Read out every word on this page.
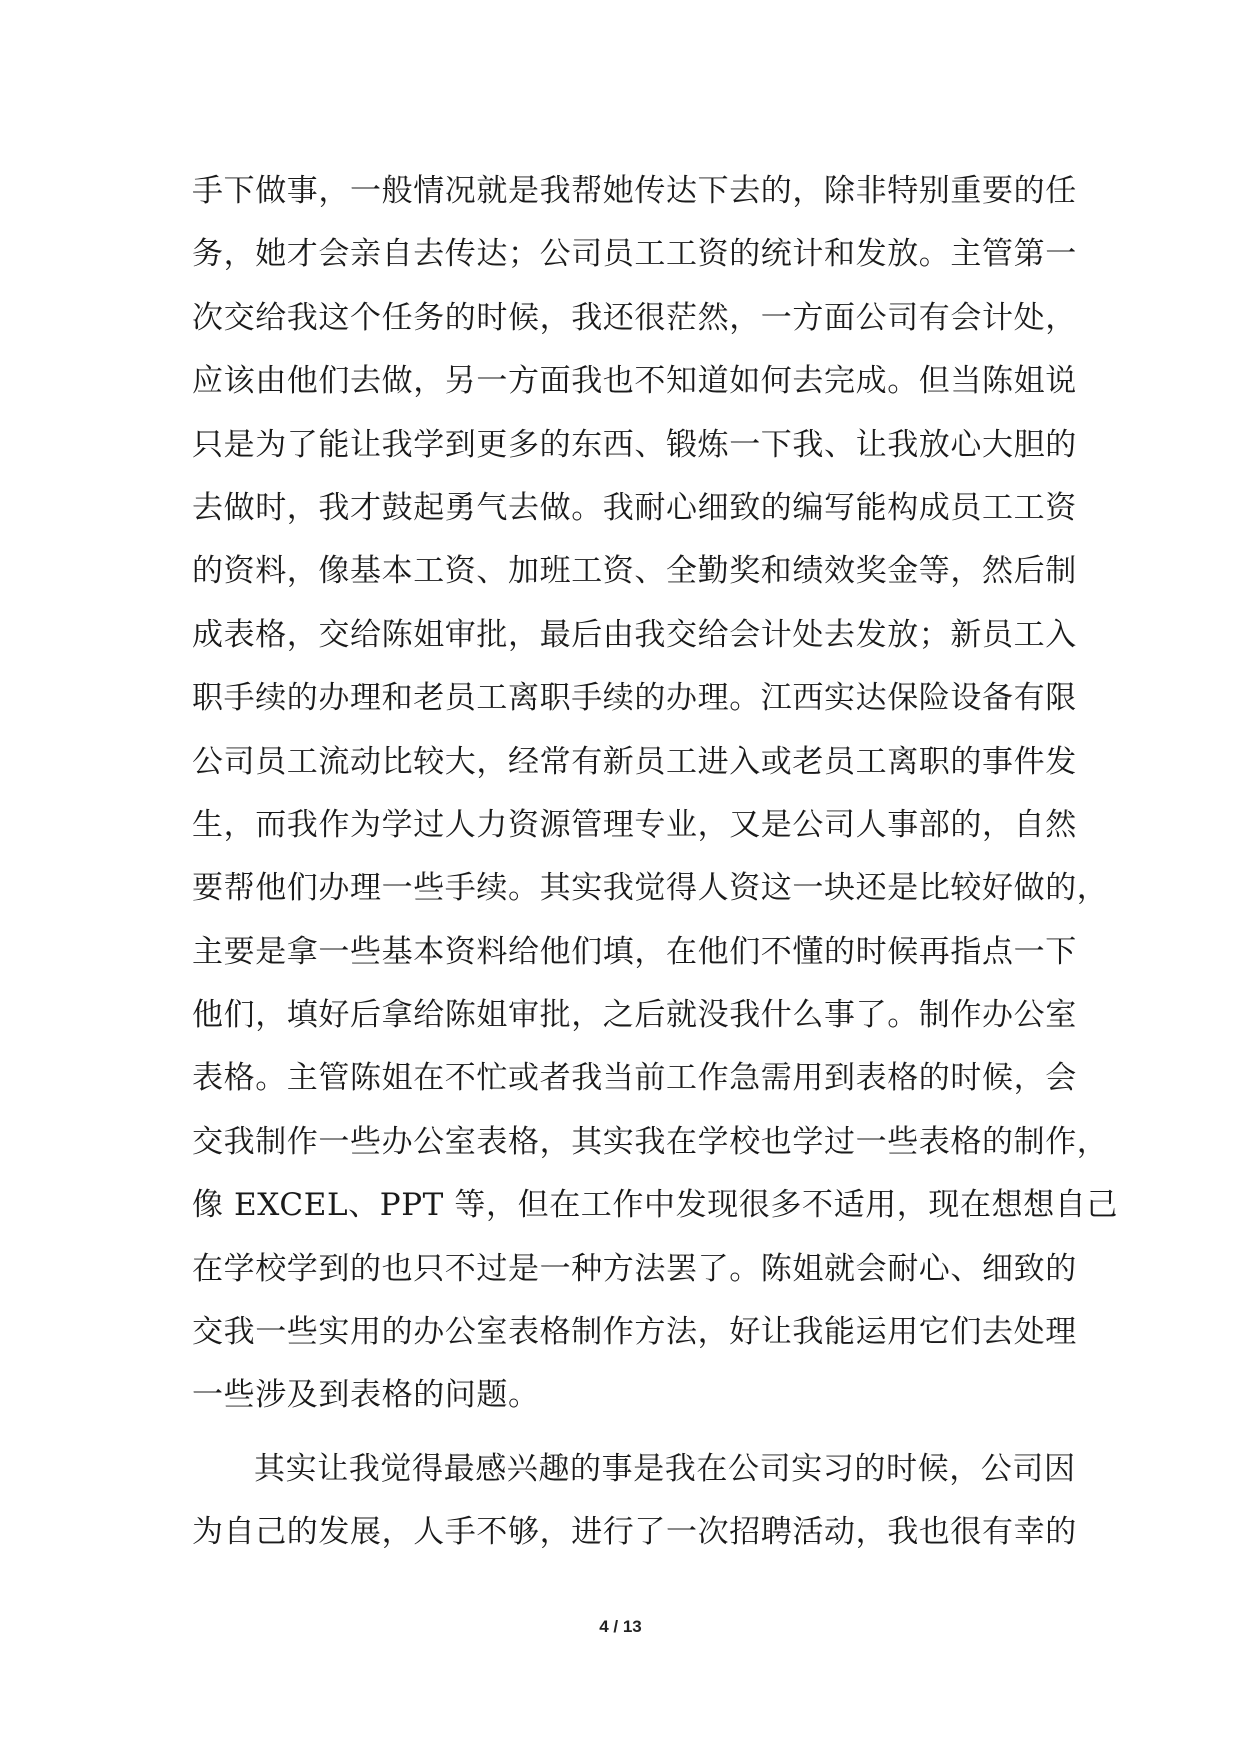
手下做事，一般情况就是我帮她传达下去的，除非特别重要的任
务，她才会亲自去传达；公司员工工资的统计和发放。主管第一
次交给我这个任务的时候，我还很茫然，一方面公司有会计处，
应该由他们去做，另一方面我也不知道如何去完成。但当陈姐说
只是为了能让我学到更多的东西、锻炼一下我、让我放心大胆的
去做时，我才鼓起勇气去做。我耐心细致的编写能构成员工工资
的资料，像基本工资、加班工资、全勤奖和绩效奖金等，然后制
成表格，交给陈姐审批，最后由我交给会计处去发放；新员工入
职手续的办理和老员工离职手续的办理。江西实达保险设备有限
公司员工流动比较大，经常有新员工进入或老员工离职的事件发
生，而我作为学过人力资源管理专业，又是公司人事部的，自然
要帮他们办理一些手续。其实我觉得人资这一块还是比较好做的，
主要是拿一些基本资料给他们填，在他们不懂的时候再指点一下
他们，填好后拿给陈姐审批，之后就没我什么事了。制作办公室
表格。主管陈姐在不忙或者我当前工作急需用到表格的时候，会
交我制作一些办公室表格，其实我在学校也学过一些表格的制作，
像 EXCEL、PPT 等，但在工作中发现很多不适用，现在想想自己
在学校学到的也只不过是一种方法罢了。陈姐就会耐心、细致的
交我一些实用的办公室表格制作方法，好让我能运用它们去处理
一些涉及到表格的问题。
其实让我觉得最感兴趣的事是我在公司实习的时候，公司因
为自己的发展，人手不够，进行了一次招聘活动，我也很有幸的
4 / 13
